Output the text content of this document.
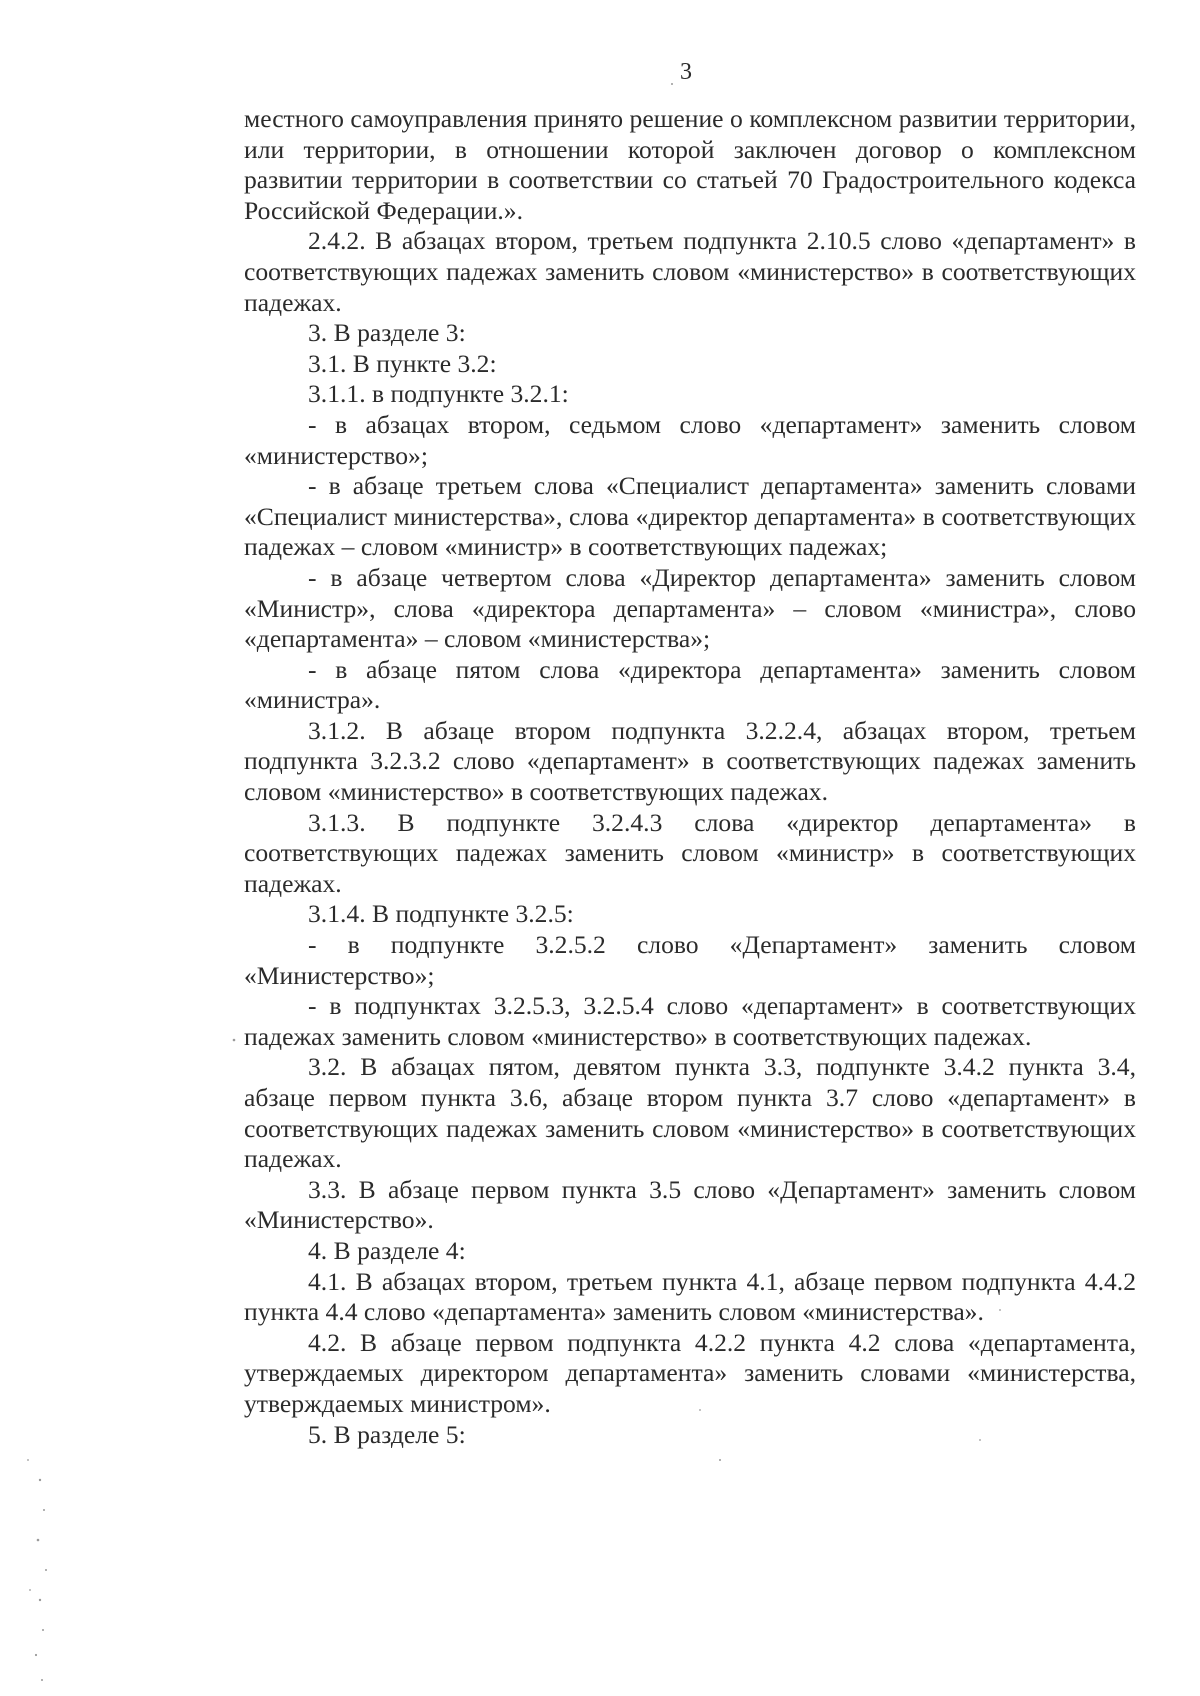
3

местного самоуправления принято решение о комплексном развитии территории, или территории, в отношении которой заключен договор о комплексном развитии территории в соответствии со статьей 70 Градостроительного кодекса Российской Федерации.».

2.4.2. В абзацах втором, третьем подпункта 2.10.5 слово «департамент» в соответствующих падежах заменить словом «министерство» в соответствующих падежах.

3. В разделе 3:

3.1. В пункте 3.2:

3.1.1. в подпункте 3.2.1:

- в абзацах втором, седьмом слово «департамент» заменить словом «министерство»;

- в абзаце третьем слова «Специалист департамента» заменить словами «Специалист министерства», слова «директор департамента» в соответствующих падежах – словом «министр» в соответствующих падежах;

- в абзаце четвертом слова «Директор департамента» заменить словом «Министр», слова «директора департамента» – словом «министра», слово «департамента» – словом «министерства»;

- в абзаце пятом слова «директора департамента» заменить словом «министра».

3.1.2. В абзаце втором подпункта 3.2.2.4, абзацах втором, третьем подпункта 3.2.3.2 слово «департамент» в соответствующих падежах заменить словом «министерство» в соответствующих падежах.

3.1.3. В подпункте 3.2.4.3 слова «директор департамента» в соответствующих падежах заменить словом «министр» в соответствующих падежах.

3.1.4. В подпункте 3.2.5:

- в подпункте 3.2.5.2 слово «Департамент» заменить словом «Министерство»;

- в подпунктах 3.2.5.3, 3.2.5.4 слово «департамент» в соответствующих падежах заменить словом «министерство» в соответствующих падежах.

3.2. В абзацах пятом, девятом пункта 3.3, подпункте 3.4.2 пункта 3.4, абзаце первом пункта 3.6, абзаце втором пункта 3.7 слово «департамент» в соответствующих падежах заменить словом «министерство» в соответствующих падежах.

3.3. В абзаце первом пункта 3.5 слово «Департамент» заменить словом «Министерство».

4. В разделе 4:

4.1. В абзацах втором, третьем пункта 4.1, абзаце первом подпункта 4.4.2 пункта 4.4 слово «департамента» заменить словом «министерства».

4.2. В абзаце первом подпункта 4.2.2 пункта 4.2 слова «департамента, утверждаемых директором департамента» заменить словами «министерства, утверждаемых министром».

5. В разделе 5:
